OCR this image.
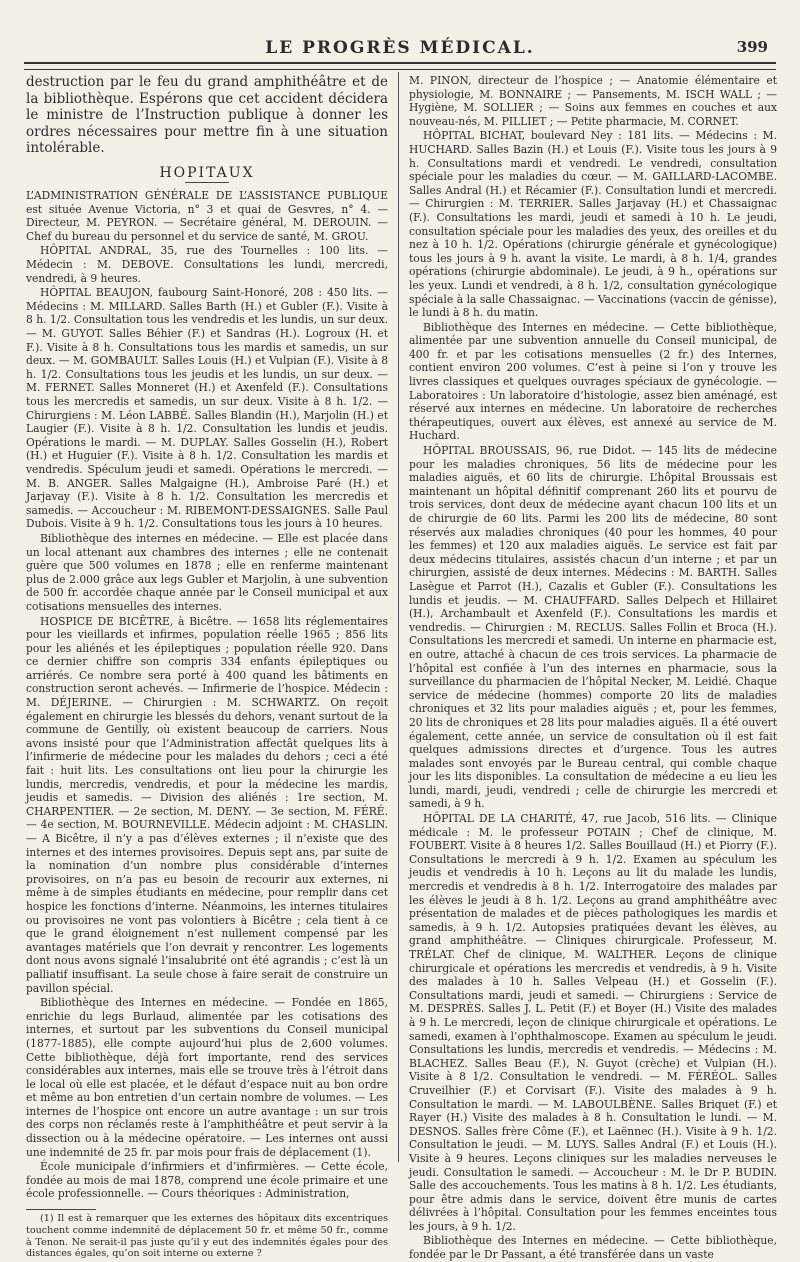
LE PROGRÈS MÉDICAL.	399

destruction par le feu du grand amphithéâtre et de la bibliothèque. Espérons que cet accident décidera le ministre de l’Instruction publique à donner les ordres nécessaires pour mettre fin à une situation intolérable.

HOPITAUX

L’ADMINISTRATION GÉNÉRALE DE L’ASSISTANCE PUBLIQUE est située Avenue Victoria, n° 3 et quai de Gesvres, n° 4. — Directeur, M. PEYRON. — Secrétaire général, M. DEROUIN. — Chef du bureau du personnel et du service de santé, M. GROU.

HÔPITAL ANDRAL, 35, rue des Tournelles : 100 lits. — Médecin : M. DEBOVE. Consultations les lundi, mercredi, vendredi, à 9 heures.

HÔPITAL BEAUJON, faubourg Saint-Honoré, 208 : 450 lits. — Médecins : M. MILLARD. Salles Barth (H.) et Gubler (F.). Visite à 8 h. 1/2. Consultation tous les vendredis et les lundis, un sur deux. — M. GUYOT. Salles Béhier (F.) et Sandras (H.). Logroux (H. et F.). Visite à 8 h. Consultations tous les mardis et samedis, un sur deux. — M. GOMBAULT. Salles Louis (H.) et Vulpian (F.). Visite à 8 h. 1/2. Consultations tous les jeudis et les lundis, un sur deux. — M. FERNET. Salles Monneret (H.) et Axenfeld (F.). Consultations tous les mercredis et samedis, un sur deux. Visite à 8 h. 1/2. — Chirurgiens : M. Léon LABBÉ. Salles Blandin (H.), Marjolin (H.) et Laugier (F.). Visite à 8 h. 1/2. Consultation les lundis et jeudis. Opérations le mardi. — M. DUPLAY. Salles Gosselin (H.), Robert (H.) et Huguier (F.). Visite à 8 h. 1/2. Consultation les mardis et vendredis. Spéculum jeudi et samedi. Opérations le mercredi. — M. B. ANGER. Salles Malgaigne (H.), Ambroise Paré (H.) et Jarjavay (F.). Visite à 8 h. 1/2. Consultation les mercredis et samedis. — Accoucheur : M. RIBEMONT-DESSAIGNES. Salle Paul Dubois. Visite à 9 h. 1/2. Consultations tous les jours à 10 heures.

Bibliothèque des internes en médecine. — Elle est placée dans un local attenant aux chambres des internes ; elle ne contenait guère que 500 volumes en 1878 ; elle en renferme maintenant plus de 2.000 grâce aux legs Gubler et Marjolin, à une subvention de 500 fr. accordée chaque année par le Conseil municipal et aux cotisations mensuelles des internes.

HOSPICE DE BICÊTRE, à Bicêtre. — 1658 lits réglementaires pour les vieillards et infirmes, population réelle 1965 ; 856 lits pour les aliénés et les épileptiques ; population réelle 920. Dans ce dernier chiffre son compris 334 enfants épileptiques ou arriérés. Ce nombre sera porté à 400 quand les bâtiments en construction seront achevés. — Infirmerie de l’hospice. Médecin : M. DÉJERINE. — Chirurgien : M. SCHWARTZ. On reçoit également en chirurgie les blessés du dehors, venant surtout de la commune de Gentilly, où existent beaucoup de carriers. Nous avons insisté pour que l’Administration affectât quelques lits à l’infirmerie de médecine pour les malades du dehors ; ceci a été fait : huit lits. Les consultations ont lieu pour la chirurgie les lundis, mercredis, vendredis, et pour la médecine les mardis, jeudis et samedis. — Division des aliénés : 1re section, M. CHARPENTIER. — 2e section, M. DENY. — 3e section, M. FÉRÉ. — 4e section, M. BOURNEVILLE. Médecin adjoint : M. CHASLIN. — A Bicêtre, il n’y a pas d’élèves externes ; il n’existe que des internes et des internes provisoires. Depuis sept ans, par suite de la nomination d’un nombre plus considérable d’internes provisoires, on n’a pas eu besoin de recourir aux externes, ni même à de simples étudiants en médecine, pour remplir dans cet hospice les fonctions d’interne. Néanmoins, les internes titulaires ou provisoires ne vont pas volontiers à Bicêtre ; cela tient à ce que le grand éloignement n’est nullement compensé par les avantages matériels que l’on devrait y rencontrer. Les logements dont nous avons signalé l’insalubrité ont été agrandis ; c’est là un palliatif insuffisant. La seule chose à faire serait de construire un pavillon spécial.

Bibliothèque des Internes en médecine. — Fondée en 1865, enrichie du legs Burlaud, alimentée par les cotisations des internes, et surtout par les subventions du Conseil municipal (1877-1885), elle compte aujourd’hui plus de 2,600 volumes. Cette bibliothèque, déjà fort importante, rend des services considérables aux internes, mais elle se trouve très à l’étroit dans le local où elle est placée, et le défaut d’espace nuit au bon ordre et même au bon entretien d’un certain nombre de volumes. — Les internes de l’hospice ont encore un autre avantage : un sur trois des corps non réclamés reste à l’amphithéâtre et peut servir à la dissection ou à la médecine opératoire. — Les internes ont aussi une indemnité de 25 fr. par mois pour frais de déplacement (1).

École municipale d’infirmiers et d’infirmières. — Cette école, fondée au mois de mai 1878, comprend une école primaire et une école professionnelle. — Cours théoriques : Administration,

(1) Il est à remarquer que les externes des hôpitaux dits excentriques touchent comme indemnité de déplacement 50 fr. et même 50 fr., comme à Tenon. Ne serait-il pas juste qu’il y eut des indemnités égales pour des distances égales, qu’on soit interne ou externe ?

M. PINON, directeur de l’hospice ; — Anatomie élémentaire et physiologie, M. BONNAIRE ; — Pansements, M. ISCH WALL ; — Hygiène, M. SOLLIER ; — Soins aux femmes en couches et aux nouveau-nés, M. PILLIET ; — Petite pharmacie, M. CORNET.

HÔPITAL BICHAT, boulevard Ney : 181 lits. — Médecins : M. HUCHARD. Salles Bazin (H.) et Louis (F.). Visite tous les jours à 9 h. Consultations mardi et vendredi. Le vendredi, consultation spéciale pour les maladies du cœur. — M. GAILLARD-LACOMBE. Salles Andral (H.) et Récamier (F.). Consultation lundi et mercredi. — Chirurgien : M. TERRIER. Salles Jarjavay (H.) et Chassaignac (F.). Consultations les mardi, jeudi et samedi à 10 h. Le jeudi, consultation spéciale pour les maladies des yeux, des oreilles et du nez à 10 h. 1/2. Opérations (chirurgie générale et gynécologique) tous les jours à 9 h. avant la visite. Le mardi, à 8 h. 1/4, grandes opérations (chirurgie abdominale). Le jeudi, à 9 h., opérations sur les yeux. Lundi et vendredi, à 8 h. 1/2, consultation gynécologique spéciale à la salle Chassaignac. — Vaccinations (vaccin de génisse), le lundi à 8 h. du matin.

Bibliothèque des Internes en médecine. — Cette bibliothèque, alimentée par une subvention annuelle du Conseil municipal, de 400 fr. et par les cotisations mensuelles (2 fr.) des Internes, contient environ 200 volumes. C’est à peine si l’on y trouve les livres classiques et quelques ouvrages spéciaux de gynécologie. — Laboratoires : Un laboratoire d’histologie, assez bien aménagé, est réservé aux internes en médecine. Un laboratoire de recherches thérapeutiques, ouvert aux élèves, est annexé au service de M. Huchard.

HÔPITAL BROUSSAIS, 96, rue Didot. — 145 lits de médecine pour les maladies chroniques, 56 lits de médecine pour les maladies aiguës, et 60 lits de chirurgie. L’hôpital Broussais est maintenant un hôpital définitif comprenant 260 lits et pourvu de trois services, dont deux de médecine ayant chacun 100 lits et un de chirurgie de 60 lits. Parmi les 200 lits de médecine, 80 sont réservés aux maladies chroniques (40 pour les hommes, 40 pour les femmes) et 120 aux maladies aiguës. Le service est fait par deux médecins titulaires, assistés chacun d’un interne ; et par un chirurgien, assisté de deux internes. Médecins : M. BARTH. Salles Lasègue et Parrot (H.), Cazalis et Gubler (F.). Consultations les lundis et jeudis. — M. CHAUFFARD. Salles Delpech et Hillairet (H.), Archambault et Axenfeld (F.). Consultations les mardis et vendredis. — Chirurgien : M. RECLUS. Salles Follin et Broca (H.). Consultations les mercredi et samedi. Un interne en pharmacie est, en outre, attaché à chacun de ces trois services. La pharmacie de l’hôpital est confiée à l’un des internes en pharmacie, sous la surveillance du pharmacien de l’hôpital Necker, M. Leidié. Chaque service de médecine (hommes) comporte 20 lits de maladies chroniques et 32 lits pour maladies aiguës ; et, pour les femmes, 20 lits de chroniques et 28 lits pour maladies aiguës. Il a été ouvert également, cette année, un service de consultation où il est fait quelques admissions directes et d’urgence. Tous les autres malades sont envoyés par le Bureau central, qui comble chaque jour les lits disponibles. La consultation de médecine a eu lieu les lundi, mardi, jeudi, vendredi ; celle de chirurgie les mercredi et samedi, à 9 h.

HÔPITAL DE LA CHARITÉ, 47, rue Jacob, 516 lits. — Clinique médicale : M. le professeur POTAIN ; Chef de clinique, M. FOUBERT. Visite à 8 heures 1/2. Salles Bouillaud (H.) et Piorry (F.). Consultations le mercredi à 9 h. 1/2. Examen au spéculum les jeudis et vendredis à 10 h. Leçons au lit du malade les lundis, mercredis et vendredis à 8 h. 1/2. Interrogatoire des malades par les élèves le jeudi à 8 h. 1/2. Leçons au grand amphithéâtre avec présentation de malades et de pièces pathologiques les mardis et samedis, à 9 h. 1/2. Autopsies pratiquées devant les élèves, au grand amphithéâtre. — Cliniques chirurgicale. Professeur, M. TRÉLAT. Chef de clinique, M. WALTHER. Leçons de clinique chirurgicale et opérations les mercredis et vendredis, à 9 h. Visite des malades à 10 h. Salles Velpeau (H.) et Gosselin (F.). Consultations mardi, jeudi et samedi. — Chirurgiens : Service de M. DESPRÈS. Salles J. L. Petit (F.) et Boyer (H.) Visite des malades à 9 h. Le mercredi, leçon de clinique chirurgicale et opérations. Le samedi, examen à l’ophthalmoscope. Examen au spéculum le jeudi. Consultations les lundis, mercredis et vendredis. — Médecins : M. BLACHEZ. Salles Beau (F.), N. Guyot (crèche) et Vulpian (H.). Visite à 8 1/2. Consultation le vendredi. — M. FÉRÉOL. Salles Cruveilhier (F.) et Corvisart (F.). Visite des malades à 9 h. Consultation le mardi. — M. LABOULBÈNE. Salles Briquet (F.) et Rayer (H.) Visite des malades à 8 h. Consultation le lundi. — M. DESNOS. Salles frère Côme (F.), et Laënnec (H.). Visite à 9 h. 1/2. Consultation le jeudi. — M. LUYS. Salles Andral (F.) et Louis (H.). Visite à 9 heures. Leçons cliniques sur les maladies nerveuses le jeudi. Consultation le samedi. — Accoucheur : M. le Dr P. BUDIN. Salle des accouchements. Tous les matins à 8 h. 1/2. Les étudiants, pour être admis dans le service, doivent être munis de cartes délivrées à l’hôpital. Consultation pour les femmes enceintes tous les jours, à 9 h. 1/2.

Bibliothèque des Internes en médecine. — Cette bibliothèque, fondée par le Dr Passant, a été transférée dans un vaste
